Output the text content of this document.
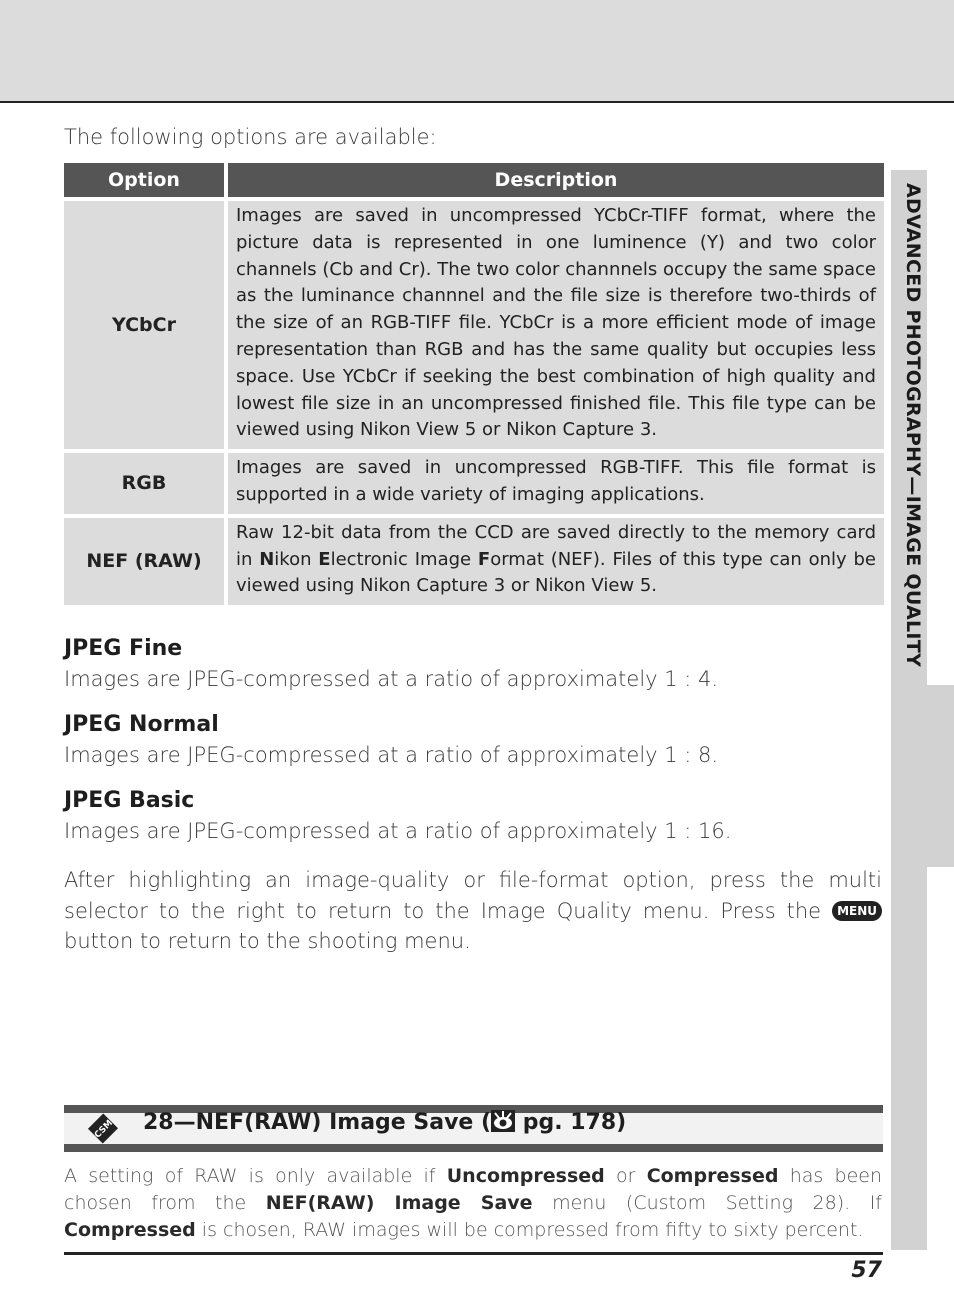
ADVANCED PHOTOGRAPHY—IMAGE QUALITY
The following options are available:
Option	Description
YCbCr	Images are saved in uncompressed YCbCr-TIFF format, where the picture data is represented in one luminence (Y) and two color channels (Cb and Cr). The two color channnels occupy the same space as the luminance channnel and the file size is therefore two-thirds of the size of an RGB-TIFF file. YCbCr is a more efficient mode of image representation than RGB and has the same quality but occupies less space. Use YCbCr if seeking the best combination of high quality and lowest file size in an uncompressed finished file. This file type can be viewed using Nikon View 5 or Nikon Capture 3.
RGB	Images are saved in uncompressed RGB-TIFF. This file format is supported in a wide variety of imaging applications.
NEF (RAW)	Raw 12-bit data from the CCD are saved directly to the memory card in Nikon Electronic Image Format (NEF). Files of this type can only be viewed using Nikon Capture 3 or Nikon View 5.
JPEG Fine
Images are JPEG-compressed at a ratio of approximately 1 : 4.
JPEG Normal
Images are JPEG-compressed at a ratio of approximately 1 : 8.
JPEG Basic
Images are JPEG-compressed at a ratio of approximately 1 : 16.
After highlighting an image-quality or file-format option, press the multi selector to the right to return to the Image Quality menu. Press the MENU button to return to the shooting menu.
CSM 28—NEF(RAW) Image Save ( pg. 178)
A setting of RAW is only available if Uncompressed or Compressed has been chosen from the NEF(RAW) Image Save menu (Custom Setting 28). If Compressed is chosen, RAW images will be compressed from fifty to sixty percent.
57
